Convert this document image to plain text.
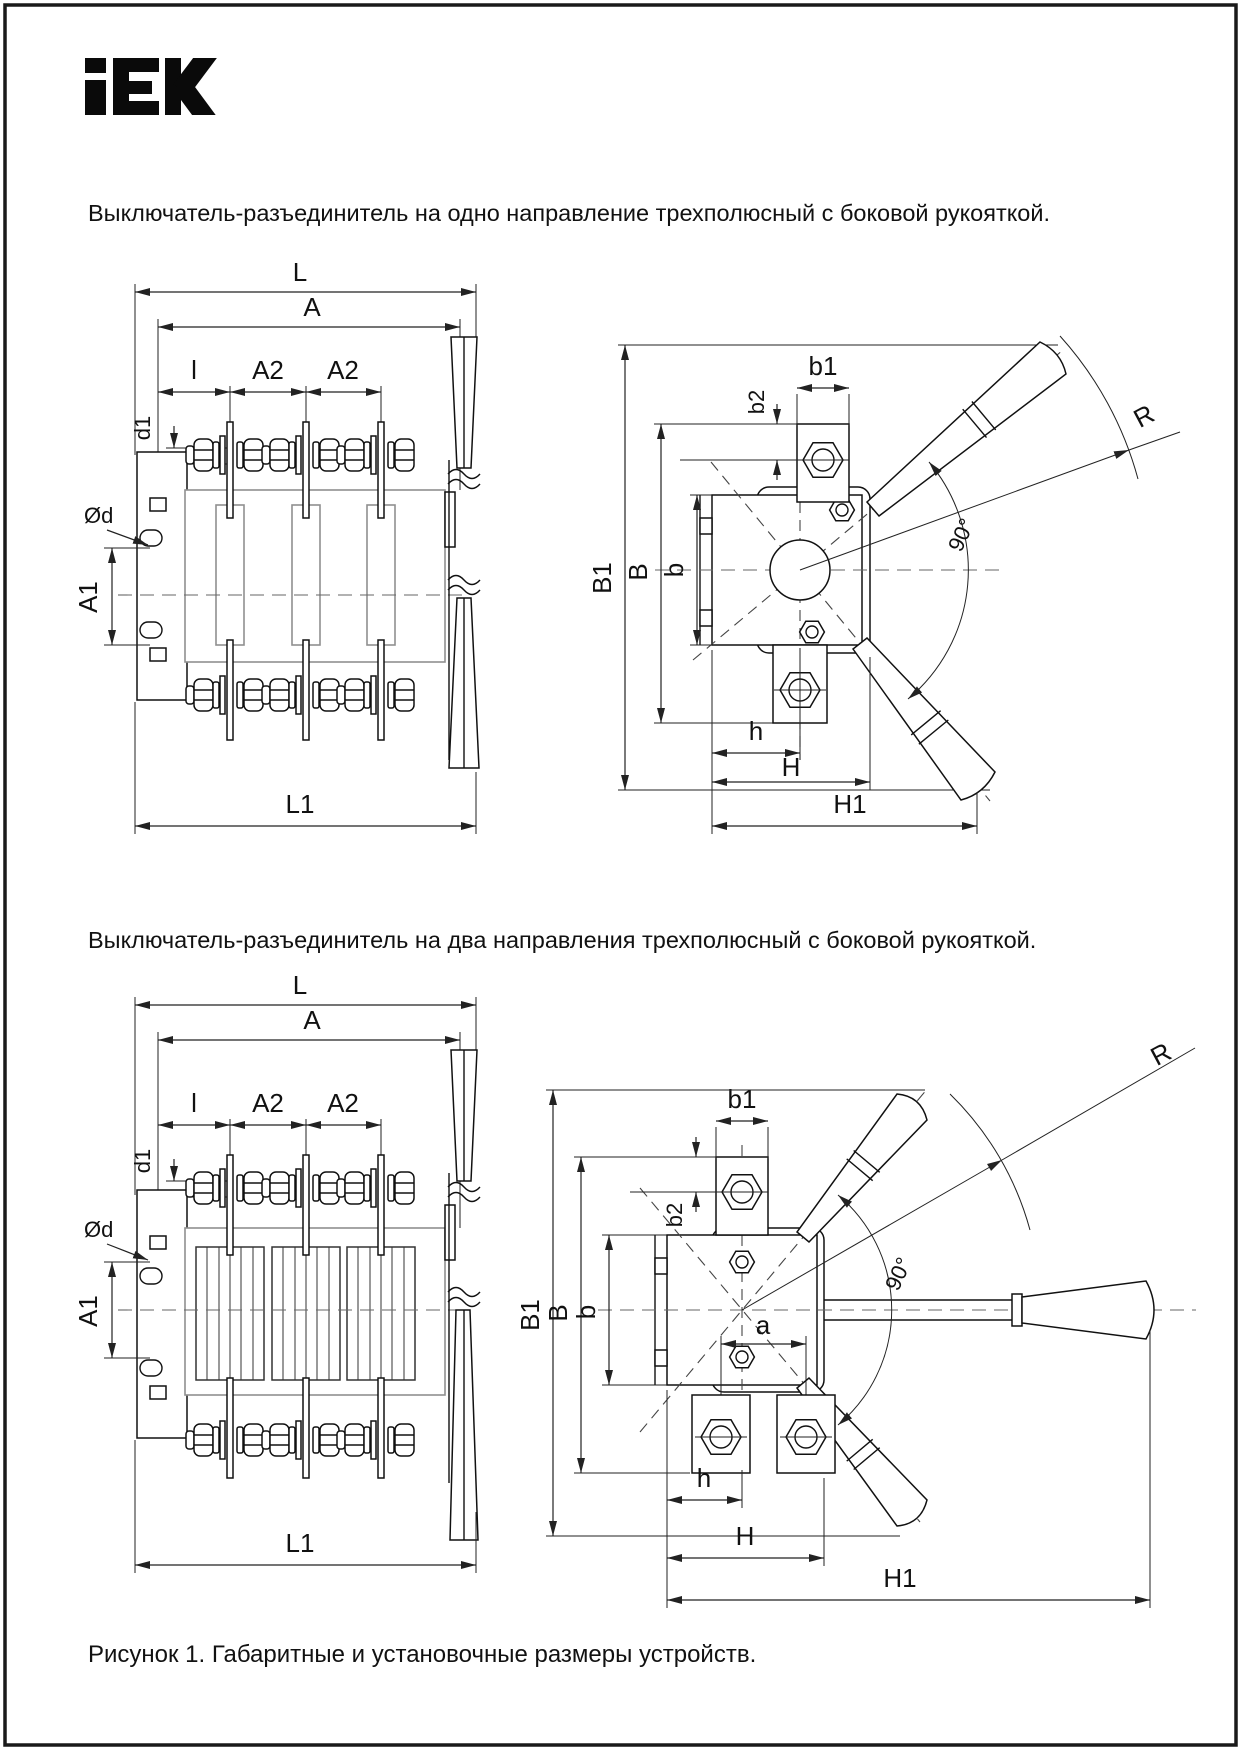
Выключатель-разъединитель на одно направление трехполюсный с боковой рукояткой.
L
A
l A2 A2
d1
Ød
A1
L1
b1
b2
B1 B b
90°
R
h
H
H1
Выключатель-разъединитель на два направления трехполюсный с боковой рукояткой.
L
A
l A2 A2
d1
Ød
A1
L1
b1
b2
B1
B
b
90°
R
a
h
H
H1
Рисунок 1. Габаритные и установочные размеры устройств.
